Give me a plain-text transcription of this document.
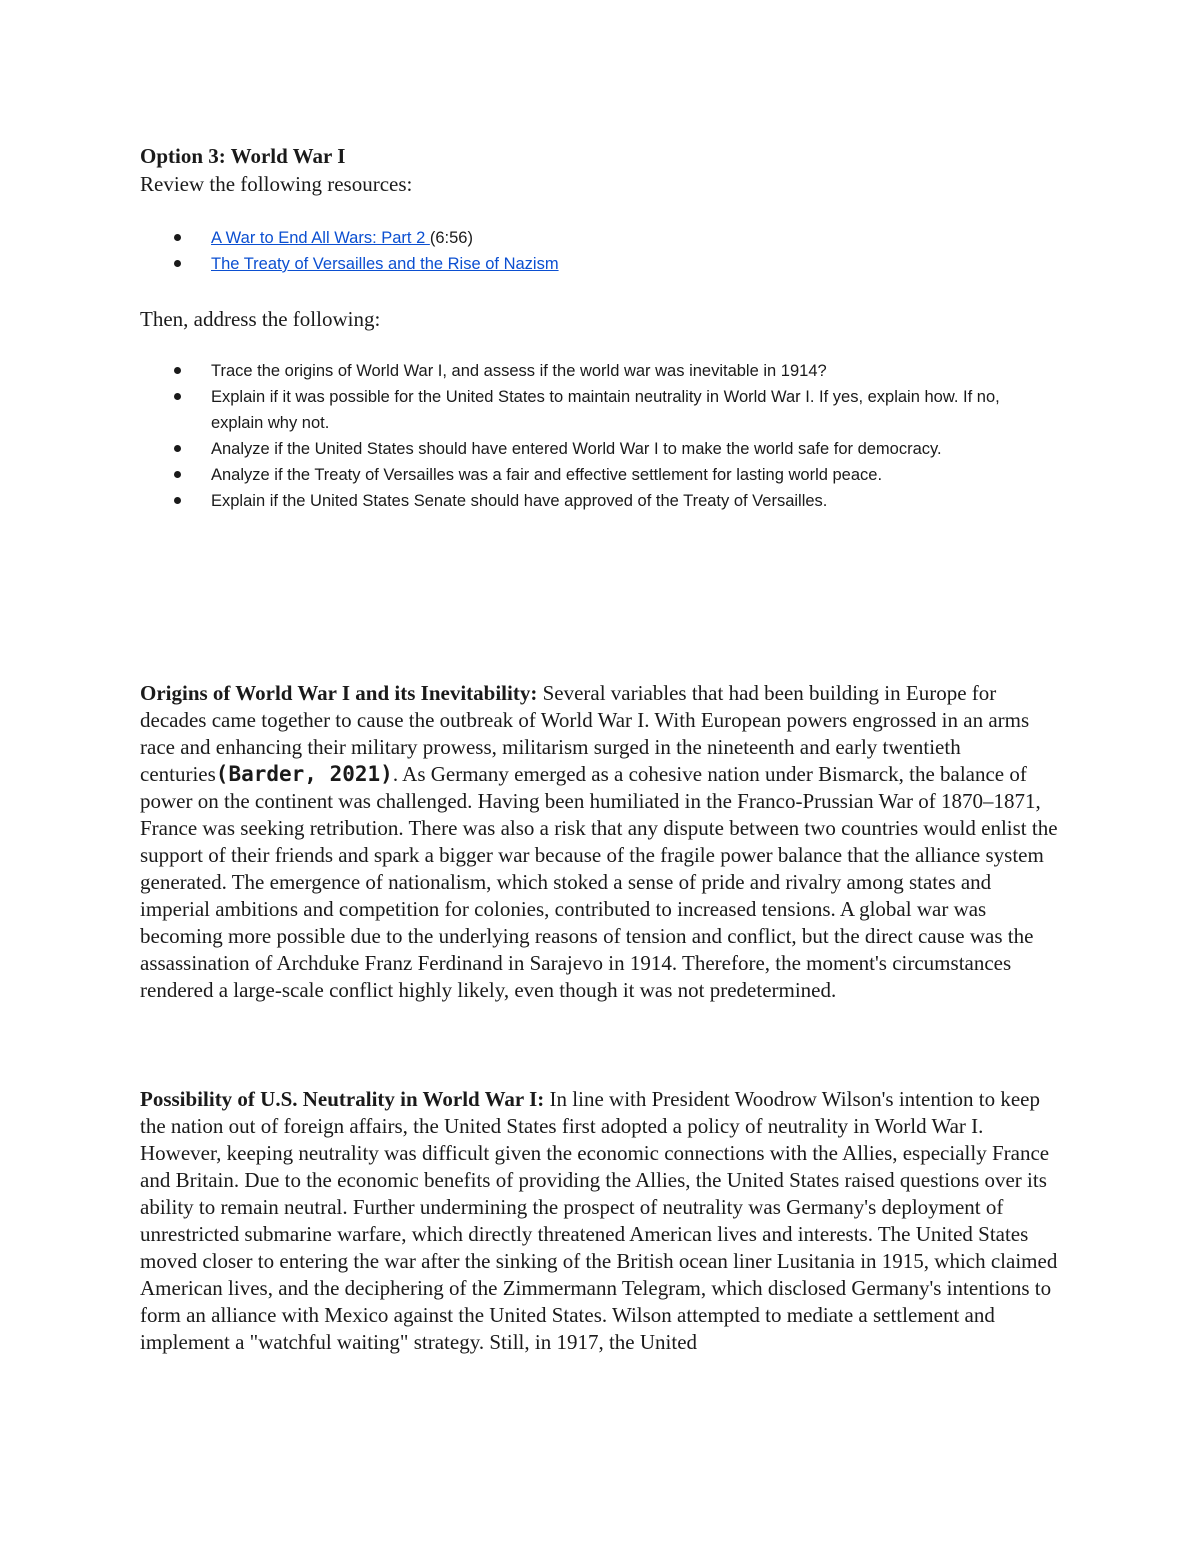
Option 3: World War I

Review the following resources:

A War to End All Wars: Part 2 (6:56)
The Treaty of Versailles and the Rise of Nazism

Then, address the following:

Trace the origins of World War I, and assess if the world war was inevitable in 1914?
Explain if it was possible for the United States to maintain neutrality in World War I. If yes, explain how. If no, explain why not.
Analyze if the United States should have entered World War I to make the world safe for democracy.
Analyze if the Treaty of Versailles was a fair and effective settlement for lasting world peace.
Explain if the United States Senate should have approved of the Treaty of Versailles.

Origins of World War I and its Inevitability: Several variables that had been building in Europe for decades came together to cause the outbreak of World War I. With European powers engrossed in an arms race and enhancing their military prowess, militarism surged in the nineteenth and early twentieth centuries(Barder, 2021). As Germany emerged as a cohesive nation under Bismarck, the balance of power on the continent was challenged. Having been humiliated in the Franco-Prussian War of 1870–1871, France was seeking retribution. There was also a risk that any dispute between two countries would enlist the support of their friends and spark a bigger war because of the fragile power balance that the alliance system generated. The emergence of nationalism, which stoked a sense of pride and rivalry among states and imperial ambitions and competition for colonies, contributed to increased tensions. A global war was becoming more possible due to the underlying reasons of tension and conflict, but the direct cause was the assassination of Archduke Franz Ferdinand in Sarajevo in 1914. Therefore, the moment's circumstances rendered a large-scale conflict highly likely, even though it was not predetermined.

Possibility of U.S. Neutrality in World War I: In line with President Woodrow Wilson's intention to keep the nation out of foreign affairs, the United States first adopted a policy of neutrality in World War I. However, keeping neutrality was difficult given the economic connections with the Allies, especially France and Britain. Due to the economic benefits of providing the Allies, the United States raised questions over its ability to remain neutral. Further undermining the prospect of neutrality was Germany's deployment of unrestricted submarine warfare, which directly threatened American lives and interests. The United States moved closer to entering the war after the sinking of the British ocean liner Lusitania in 1915, which claimed American lives, and the deciphering of the Zimmermann Telegram, which disclosed Germany's intentions to form an alliance with Mexico against the United States. Wilson attempted to mediate a settlement and implement a "watchful waiting" strategy. Still, in 1917, the United
